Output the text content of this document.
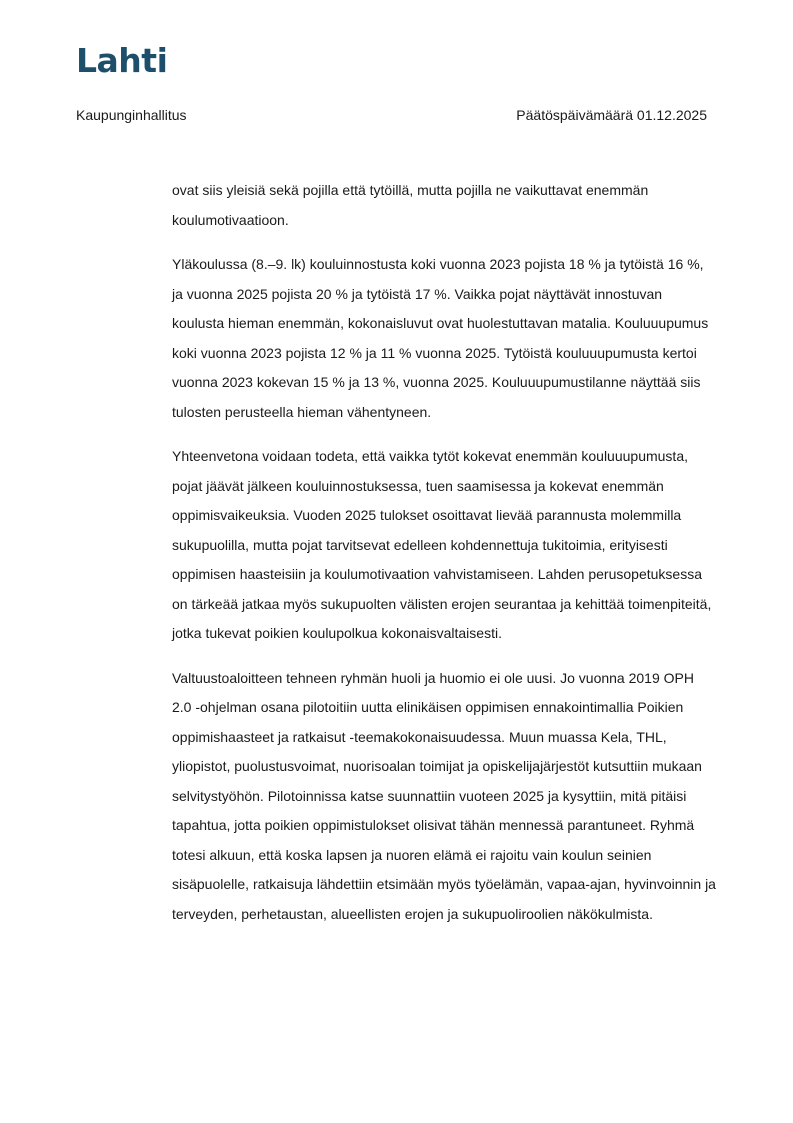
Lahti
Kaupunginhallitus	Päätöspäivämäärä 01.12.2025

ovat siis yleisiä sekä pojilla että tytöillä, mutta pojilla ne vaikuttavat enemmän koulumotivaatioon.

Yläkoulussa (8.–9. lk) kouluinnostusta koki vuonna 2023 pojista 18 % ja tytöistä 16 %, ja vuonna 2025 pojista 20 % ja tytöistä 17 %. Vaikka pojat näyttävät innostuvan koulusta hieman enemmän, kokonaisluvut ovat huolestuttavan matalia. Kouluuupumus koki vuonna 2023 pojista 12 % ja 11 % vuonna 2025. Tytöistä kouluuupumusta kertoi vuonna 2023 kokevan 15 % ja 13 %, vuonna 2025. Kouluuupumustilanne näyttää siis tulosten perusteella hieman vähentyneen.

Yhteenvetona voidaan todeta, että vaikka tytöt kokevat enemmän kouluuupumusta, pojat jäävät jälkeen kouluinnostuksessa, tuen saamisessa ja kokevat enemmän oppimisvaikeuksia. Vuoden 2025 tulokset osoittavat lievää parannusta molemmilla sukupuolilla, mutta pojat tarvitsevat edelleen kohdennettuja tukitoimia, erityisesti oppimisen haasteisiin ja koulumotivaation vahvistamiseen. Lahden perusopetuksessa on tärkeää jatkaa myös sukupuolten välisten erojen seurantaa ja kehittää toimenpiteitä, jotka tukevat poikien koulupolkua kokonaisvaltaisesti.

Valtuustoaloitteen tehneen ryhmän huoli ja huomio ei ole uusi. Jo vuonna 2019 OPH 2.0 -ohjelman osana pilotoitiin uutta elinikäisen oppimisen ennakointimallia Poikien oppimishaasteet ja ratkaisut -teemakokonaisuudessa. Muun muassa Kela, THL, yliopistot, puolustusvoimat, nuorisoalan toimijat ja opiskelijajärjestöt kutsuttiin mukaan selvitystyöhön. Pilotoinnissa katse suunnattiin vuoteen 2025 ja kysyttiin, mitä pitäisi tapahtua, jotta poikien oppimistulokset olisivat tähän mennessä parantuneet. Ryhmä totesi alkuun, että koska lapsen ja nuoren elämä ei rajoitu vain koulun seinien sisäpuolelle, ratkaisuja lähdettiin etsimään myös työelämän, vapaa-ajan, hyvinvoinnin ja terveyden, perhetaustan, alueellisten erojen ja sukupuoliroolien näkökulmista.
